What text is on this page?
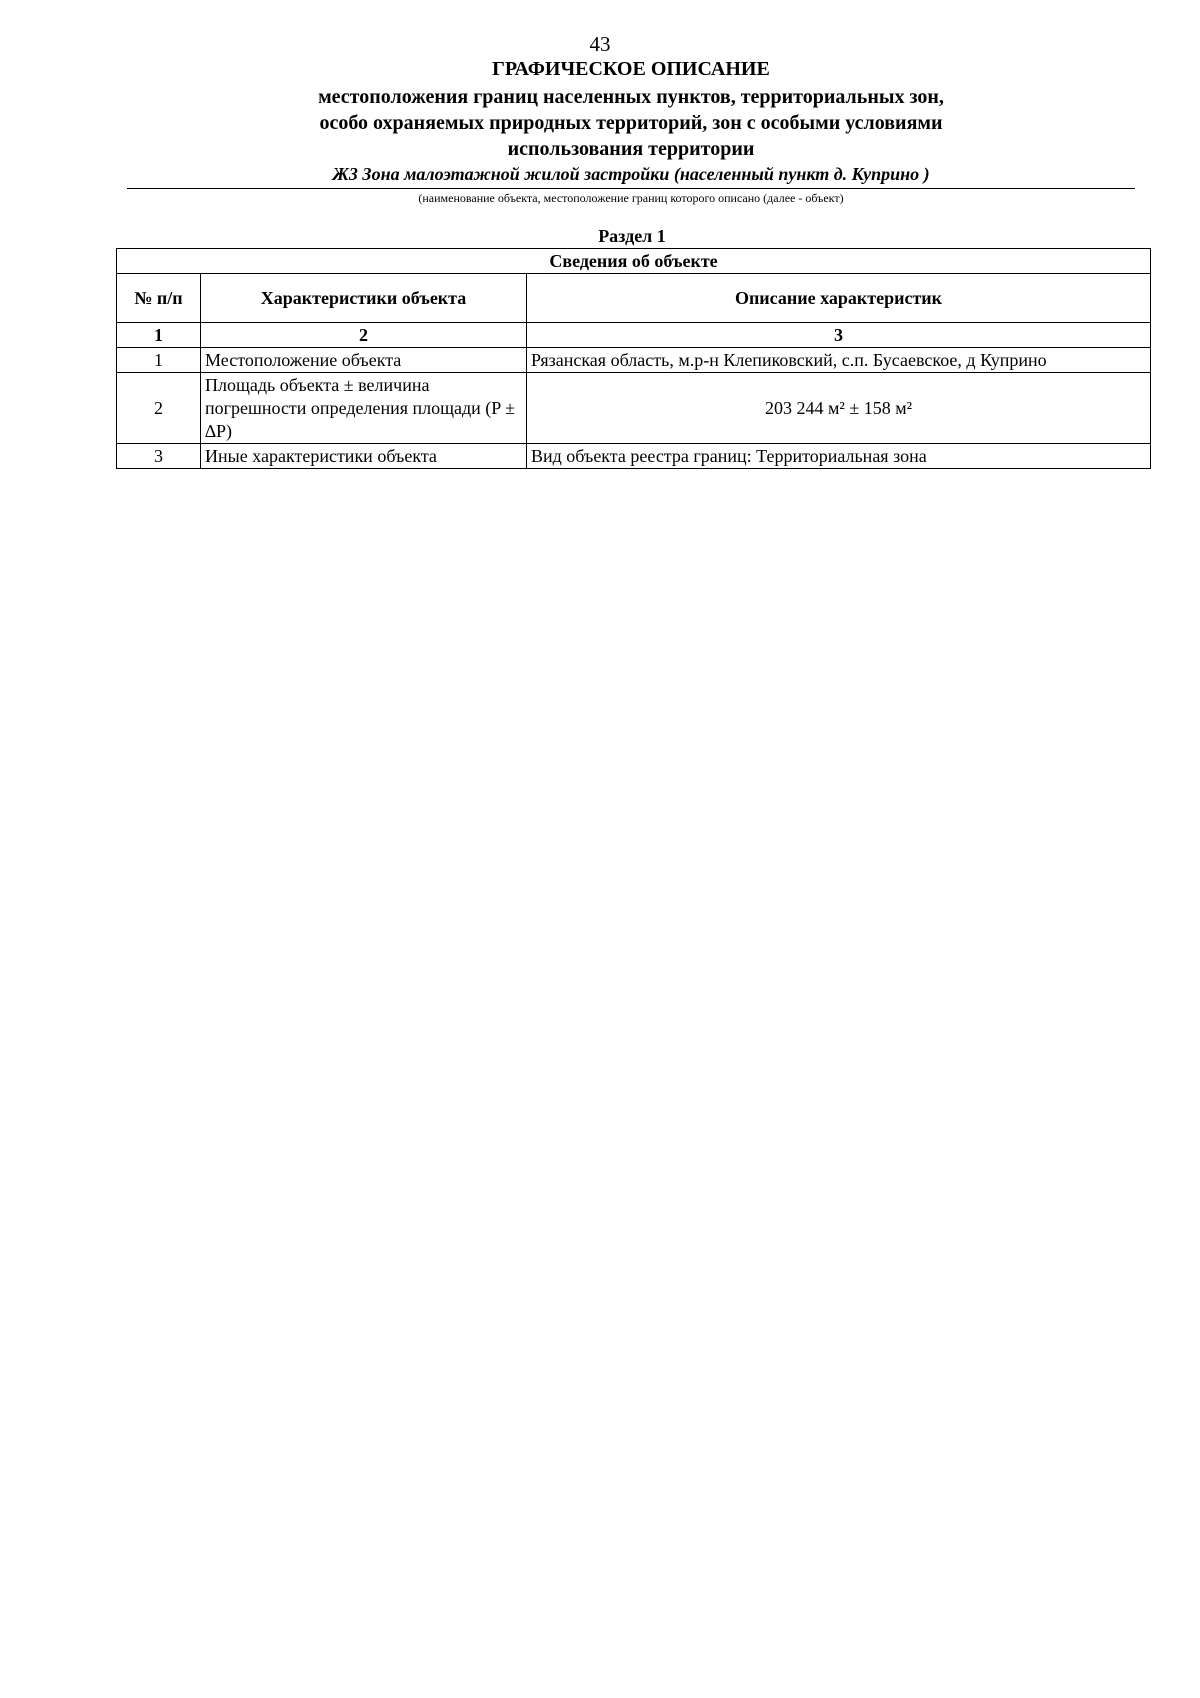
43
ГРАФИЧЕСКОЕ ОПИСАНИЕ
местоположения границ населенных пунктов, территориальных зон, особо охраняемых природных территорий, зон с особыми условиями использования территории
Ж3 Зона малоэтажной жилой застройки (населенный пункт д. Куприно )
(наименование объекта, местоположение границ которого описано (далее - объект)
Раздел 1
Сведения об объекте		
№ п/п	Характеристики объекта	Описание характеристик
1	2	3
1	Местоположение объекта	Рязанская область, м.р-н Клепиковский, с.п. Бусаевское, д Куприно
2	Площадь объекта ± величина погрешности определения площади (P ± ∆P)	203 244 м² ± 158 м²
3	Иные характеристики объекта	Вид объекта реестра границ: Территориальная зона
